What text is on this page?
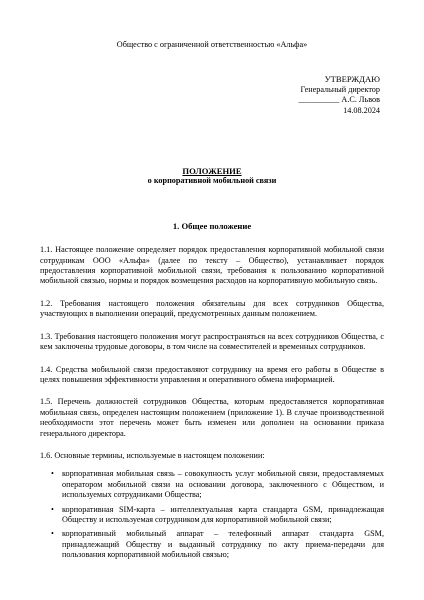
Общество с ограниченной ответственностью «Альфа»

УТВЕРЖДАЮ
Генеральный директор
__________ А.С. Львов
14.08.2024
ПОЛОЖЕНИЕ
о корпоративной мобильной связи
1. Общее положение

1.1. Настоящее положение определяет порядок предоставления корпоративной мобильной связи сотрудникам ООО «Альфа» (далее по тексту – Общество), устанавливает порядок предоставления корпоративной мобильной связи, требования к пользованию корпоративной мобильной связью, нормы и порядок возмещения расходов на корпоративную мобильную связь.

1.2. Требования настоящего положения обязательны для всех сотрудников Общества, участвующих в выполнении операций, предусмотренных данным положением.

1.3. Требования настоящего положения могут распространяться на всех сотрудников Общества, с кем заключены трудовые договоры, в том числе на совместителей и временных сотрудников.

1.4. Средства мобильной связи предоставляют сотруднику на время его работы в Обществе в целях повышения эффективности управления и оперативного обмена информацией.

1.5. Перечень должностей сотрудников Общества, которым предоставляется корпоративная мобильная связь, определен настоящим положением (приложение 1). В случае производственной необходимости этот перечень может быть изменен или дополнен на основании приказа генерального директора.

1.6. Основные термины, используемые в настоящем положении:

• корпоративная мобильная связь – совокупность услуг мобильной связи, предоставляемых оператором мобильной связи на основании договора, заключенного с Обществом, и используемых сотрудниками Общества;
• корпоративная SIM-карта – интеллектуальная карта стандарта GSM, принадлежащая Обществу и используемая сотрудником для корпоративной мобильной связи;
• корпоративный мобильный аппарат – телефонный аппарат стандарта GSM, принадлежащий Обществу и выданный сотруднику по акту приема-передачи для пользования корпоративной мобильной связью;
